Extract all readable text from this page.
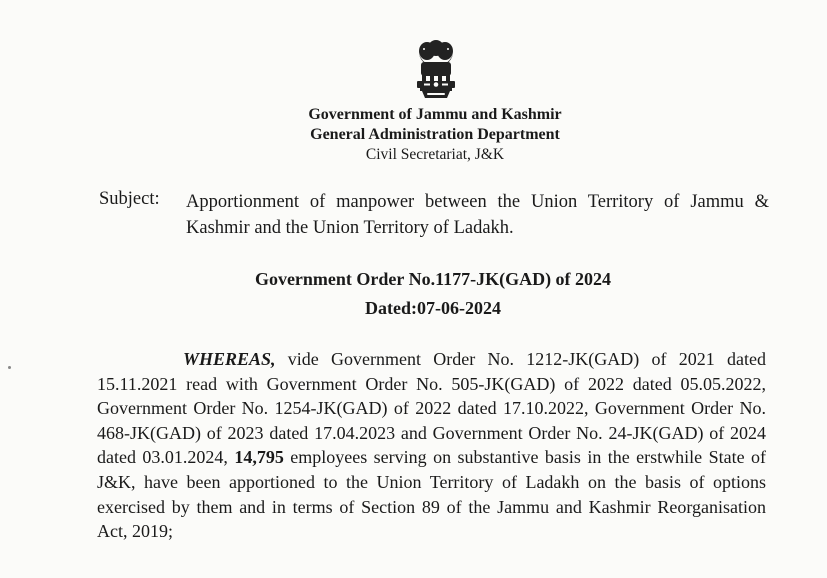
Government of Jammu and Kashmir
General Administration Department
Civil Secretariat, J&K
Subject: Apportionment of manpower between the Union Territory of Jammu & Kashmir and the Union Territory of Ladakh.
Government Order No.1177-JK(GAD) of 2024
Dated:07-06-2024

WHEREAS, vide Government Order No. 1212-JK(GAD) of 2021 dated 15.11.2021 read with Government Order No. 505-JK(GAD) of 2022 dated 05.05.2022, Government Order No. 1254-JK(GAD) of 2022 dated 17.10.2022, Government Order No. 468-JK(GAD) of 2023 dated 17.04.2023 and Government Order No. 24-JK(GAD) of 2024 dated 03.01.2024, 14,795 employees serving on substantive basis in the erstwhile State of J&K, have been apportioned to the Union Territory of Ladakh on the basis of options exercised by them and in terms of Section 89 of the Jammu and Kashmir Reorganisation Act, 2019;
